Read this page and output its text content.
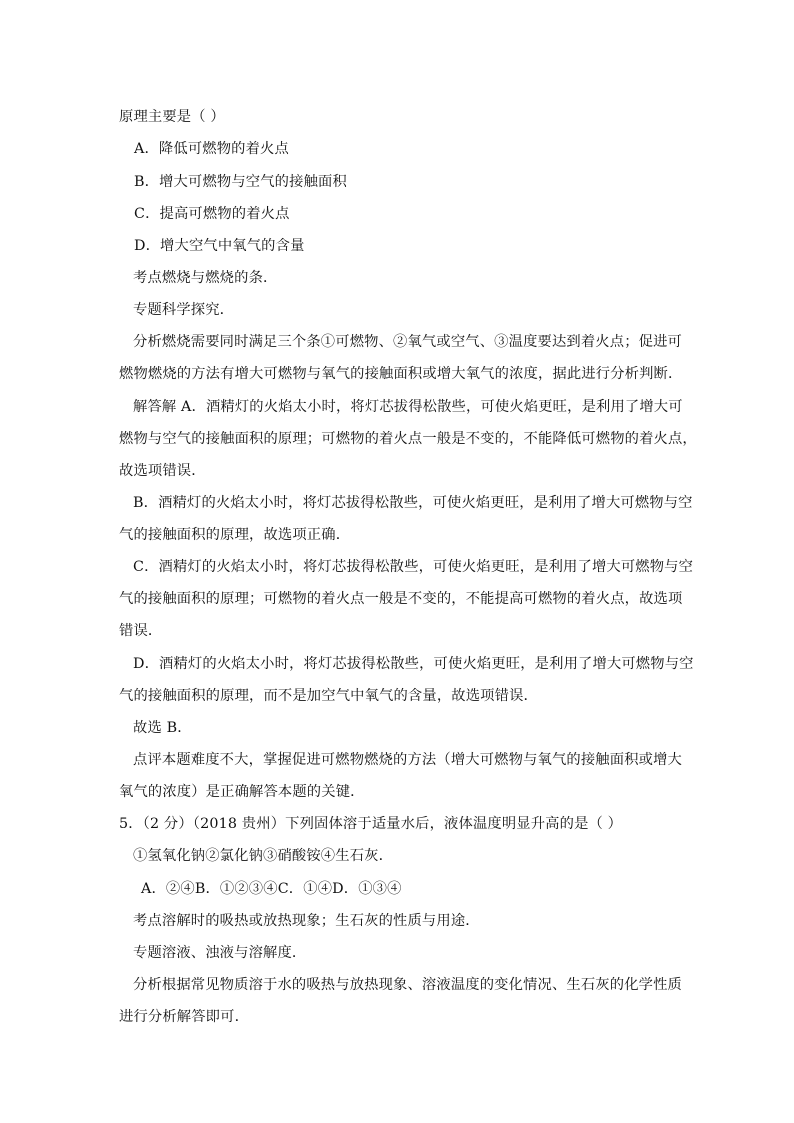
原理主要是（ ）
A．降低可燃物的着火点
B．增大可燃物与空气的接触面积
C．提高可燃物的着火点
D．增大空气中氧气的含量
考点燃烧与燃烧的条．
专题科学探究．
分析燃烧需要同时满足三个条①可燃物、②氧气或空气、③温度要达到着火点；促进可
燃物燃烧的方法有增大可燃物与氧气的接触面积或增大氧气的浓度，据此进行分析判断．
解答解 A．酒精灯的火焰太小时，将灯芯拔得松散些，可使火焰更旺，是利用了增大可
燃物与空气的接触面积的原理；可燃物的着火点一般是不变的，不能降低可燃物的着火点，
故选项错误．
B．酒精灯的火焰太小时，将灯芯拔得松散些，可使火焰更旺，是利用了增大可燃物与空
气的接触面积的原理，故选项正确．
C．酒精灯的火焰太小时，将灯芯拔得松散些，可使火焰更旺，是利用了增大可燃物与空
气的接触面积的原理；可燃物的着火点一般是不变的，不能提高可燃物的着火点，故选项
错误．
D．酒精灯的火焰太小时，将灯芯拔得松散些，可使火焰更旺，是利用了增大可燃物与空
气的接触面积的原理，而不是加空气中氧气的含量，故选项错误．
故选 B．
点评本题难度不大，掌握促进可燃物燃烧的方法（增大可燃物与氧气的接触面积或增大
氧气的浓度）是正确解答本题的关键．
5．（2 分）（2018 贵州）下列固体溶于适量水后，液体温度明显升高的是（ ）
①氢氧化钠②氯化钠③硝酸铵④生石灰．
A．②④B．①②③④C．①④D．①③④
考点溶解时的吸热或放热现象；生石灰的性质与用途．
专题溶液、浊液与溶解度．
分析根据常见物质溶于水的吸热与放热现象、溶液温度的变化情况、生石灰的化学性质
进行分析解答即可．
